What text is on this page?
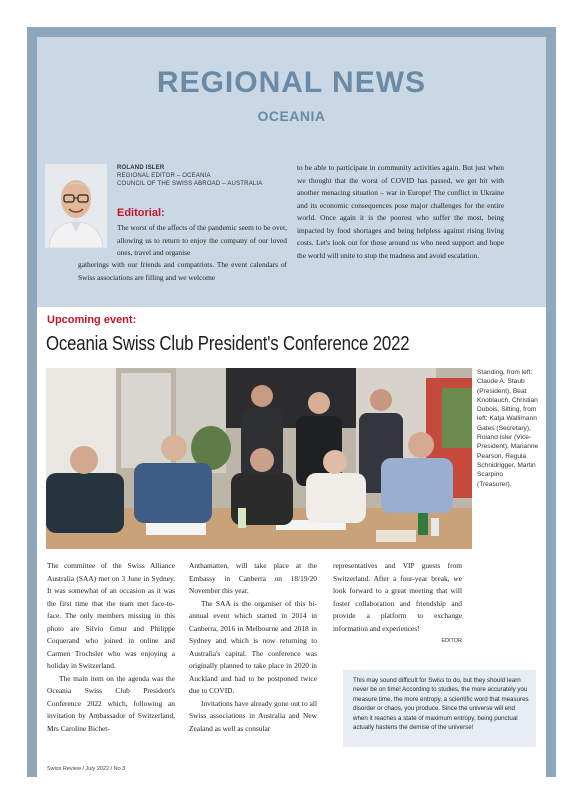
REGIONAL NEWS
OCEANIA
ROLAND ISLER
REGIONAL EDITOR – OCEANIA
COUNCIL OF THE SWISS ABROAD – AUSTRALIA
Editorial:
The worst of the affects of the pandemic seem to be over, allowing us to return to enjoy the company of our loved ones, travel and organise
gatherings with our friends and compatriots. The event calendars of Swiss associations are filling and we welcome
to be able to participate in community activities again. But just when we thought that the worst of COVID has passed, we get hit with another menacing situation – war in Europe! The conflict in Ukraine and its economic consequences pose major challenges for the entire world. Once again it is the poorest who suffer the most, being impacted by food shortages and being helpless against rising living costs. Let's look out for those around us who need support and hope the world will unite to stop the madness and avoid escalation.
Upcoming event:
Oceania Swiss Club President's Conference 2022
Standing, from left: Claude A. Staub (President), Beat Knoblauch, Christian Dubois. Sitting, from left: Katja Wallimann Gates (Secretary), Roland Isler (Vice-President), Marianne Pearson, Regula Schnidrigger, Martin Scarpino (Treasurer).

The committee of the Swiss Alliance Australia (SAA) met on 3 June in Sydney. It was somewhat of an occasion as it was the first time that the team met face-to-face. The only members missing in this photo are Silvio Gmur and Philippe Coquerand who joined in online and Carmen Trochsler who was enjoying a holiday in Switzerland.

The main item on the agenda was the Oceania Swiss Club President's Conference 2022 which, following an invitation by Ambassador of Switzerland, Mrs Caroline Bichet-

Anthamatten, will take place at the Embassy in Canberra on 18/19/20 November this year.

The SAA is the organiser of this bi-annual event which started in 2014 in Canberra, 2016 in Melbourne and 2018 in Sydney and which is now returning to Australia's capital. The conference was originally planned to take place in 2020 in Auckland and had to be postponed twice due to COVID.

Invitations have already gone out to all Swiss associations in Australia and New Zealand as well as consular

representatives and VIP guests from Switzerland. After a four-year break, we look forward to a great meeting that will foster collaboration and friendship and provide a platform to exchange information and experiences!

EDITOR
This may sound difficult for Swiss to do, but they should learn never be on time! According to studies, the more accurately you measure time, the more entropy, a scientific word that measures disorder or chaos, you produce. Since the universe will end when it reaches a state of maximum entropy, being punctual actually hastens the demise of the universe!
Swiss Review / July 2022 / No.3
